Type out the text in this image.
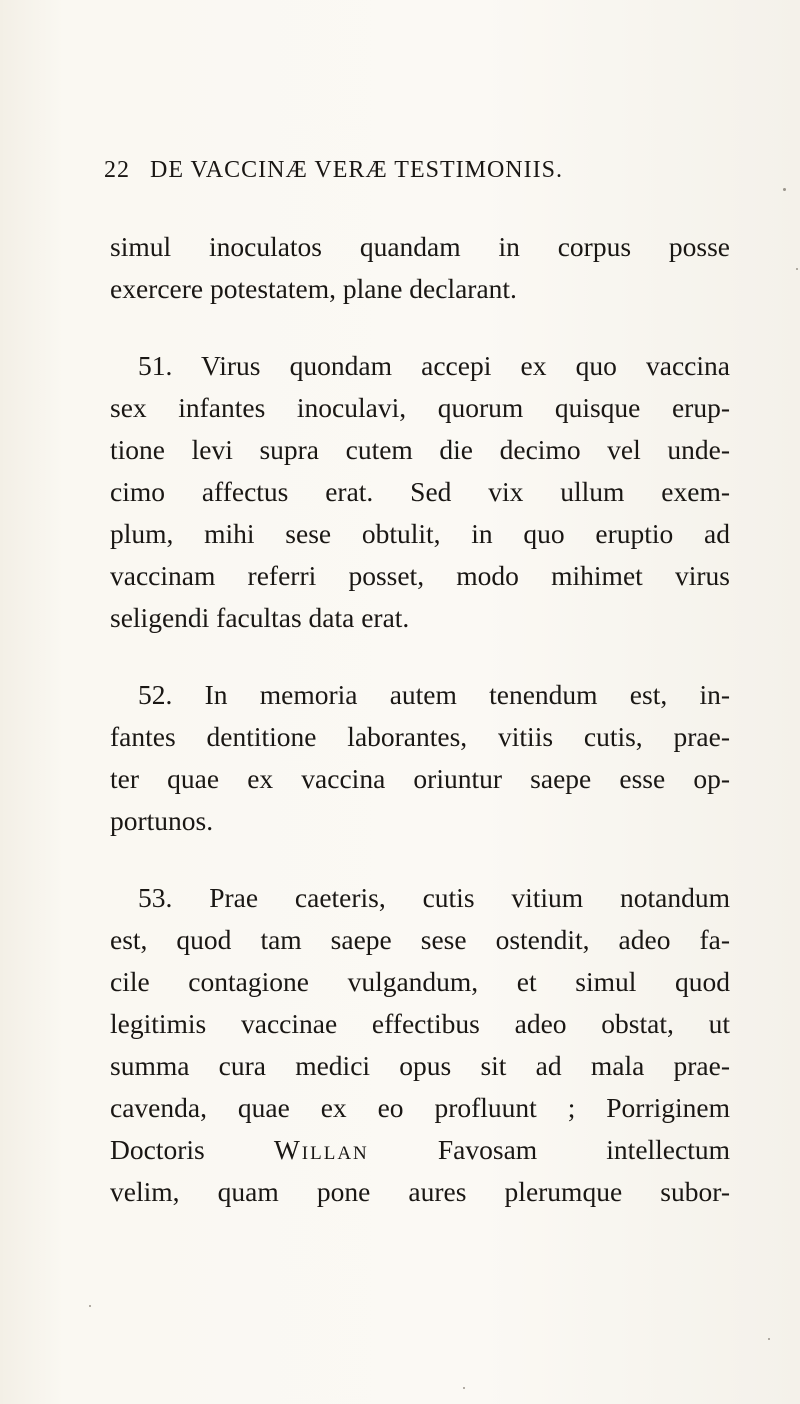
22 DE VACCINÆ VERÆ TESTIMONIIS.
simul inoculatos quandam in corpus posse
exercere potestatem, plane declarant.
51. Virus quondam accepi ex quo vaccina
sex infantes inoculavi, quorum quisque erup-
tione levi supra cutem die decimo vel unde-
cimo affectus erat. Sed vix ullum exem-
plum, mihi sese obtulit, in quo eruptio ad
vaccinam referri posset, modo mihimet virus
seligendi facultas data erat.
52. In memoria autem tenendum est, in-
fantes dentitione laborantes, vitiis cutis, prae-
ter quae ex vaccina oriuntur saepe esse op-
portunos.
53. Prae caeteris, cutis vitium notandum
est, quod tam saepe sese ostendit, adeo fa-
cile contagione vulgandum, et simul quod
legitimis vaccinae effectibus adeo obstat, ut
summa cura medici opus sit ad mala prae-
cavenda, quae ex eo profluunt ; Porriginem
Doctoris Willan Favosam intellectum
velim, quam pone aures plerumque subor-
